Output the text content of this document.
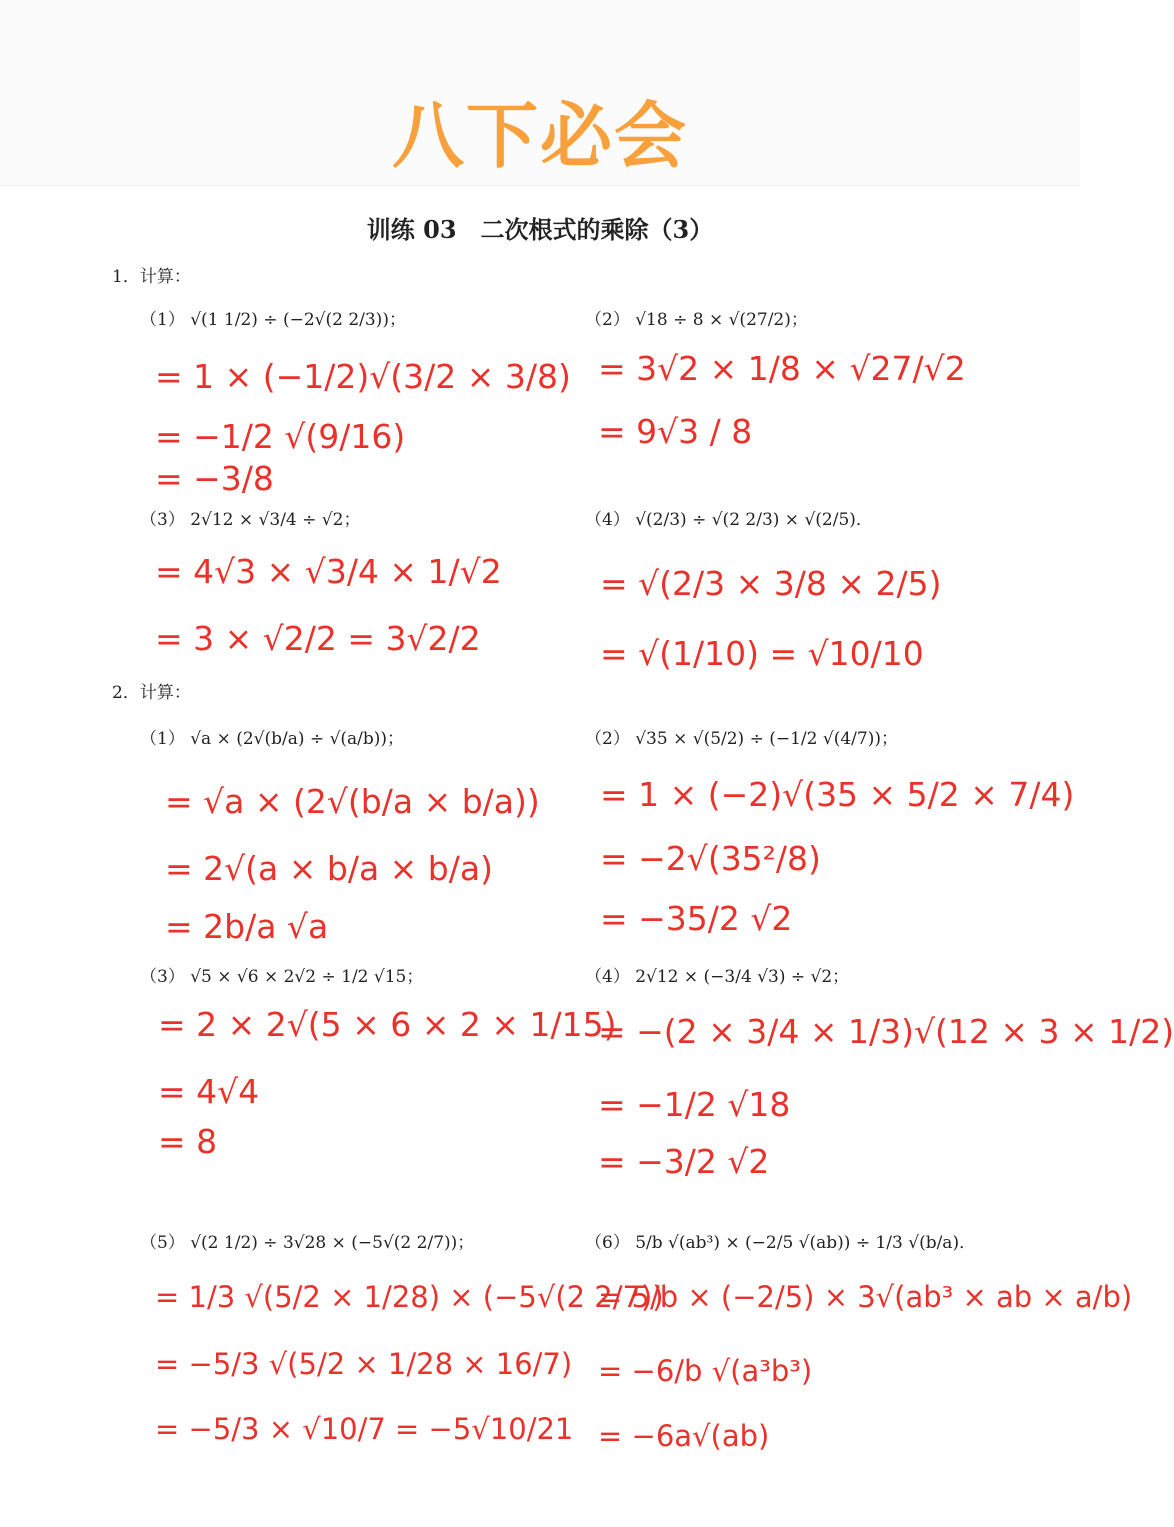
八下必会
训练 03　二次根式的乘除（3）
1．计算：
2．计算：
（1） √(1 1/2) ÷ (−2√(2 2/3))；
= 1 × (−1/2)√(3/2 × 3/8)
= −1/2 √(9/16)
= −3/8
（2） √18 ÷ 8 × √(27/2)；
= 3√2 × 1/8 × √27/√2
= 9√3 / 8
（3） 2√12 × √3/4 ÷ √2；
= 4√3 × √3/4 × 1/√2
= 3 × √2/2 = 3√2/2
（4） √(2/3) ÷ √(2 2/3) × √(2/5)．
= √(2/3 × 3/8 × 2/5)
= √(1/10) = √10/10
（1） √a × (2√(b/a) ÷ √(a/b))；
= √a × (2√(b/a × b/a))
= 2√(a × b/a × b/a)
= 2b/a √a
（2） √35 × √(5/2) ÷ (−1/2 √(4/7))；
= 1 × (−2)√(35 × 5/2 × 7/4)
= −2√(35²/8)
= −35/2 √2
（3） √5 × √6 × 2√2 ÷ 1/2 √15；
= 2 × 2√(5 × 6 × 2 × 1/15)
= 4√4
= 8
（4） 2√12 × (−3/4 √3) ÷ √2；
= −(2 × 3/4 × 1/3)√(12 × 3 × 1/2)
= −1/2 √18
= −3/2 √2
（5） √(2 1/2) ÷ 3√28 × (−5√(2 2/7))；
= 1/3 √(5/2 × 1/28) × (−5√(2 2/7))
= −5/3 √(5/2 × 1/28 × 16/7)
= −5/3 × √10/7 = −5√10/21
（6） 5/b √(ab³) × (−2/5 √(ab)) ÷ 1/3 √(b/a)．
= 5/b × (−2/5) × 3√(ab³ × ab × a/b)
= −6/b √(a³b³)
= −6a√(ab)
